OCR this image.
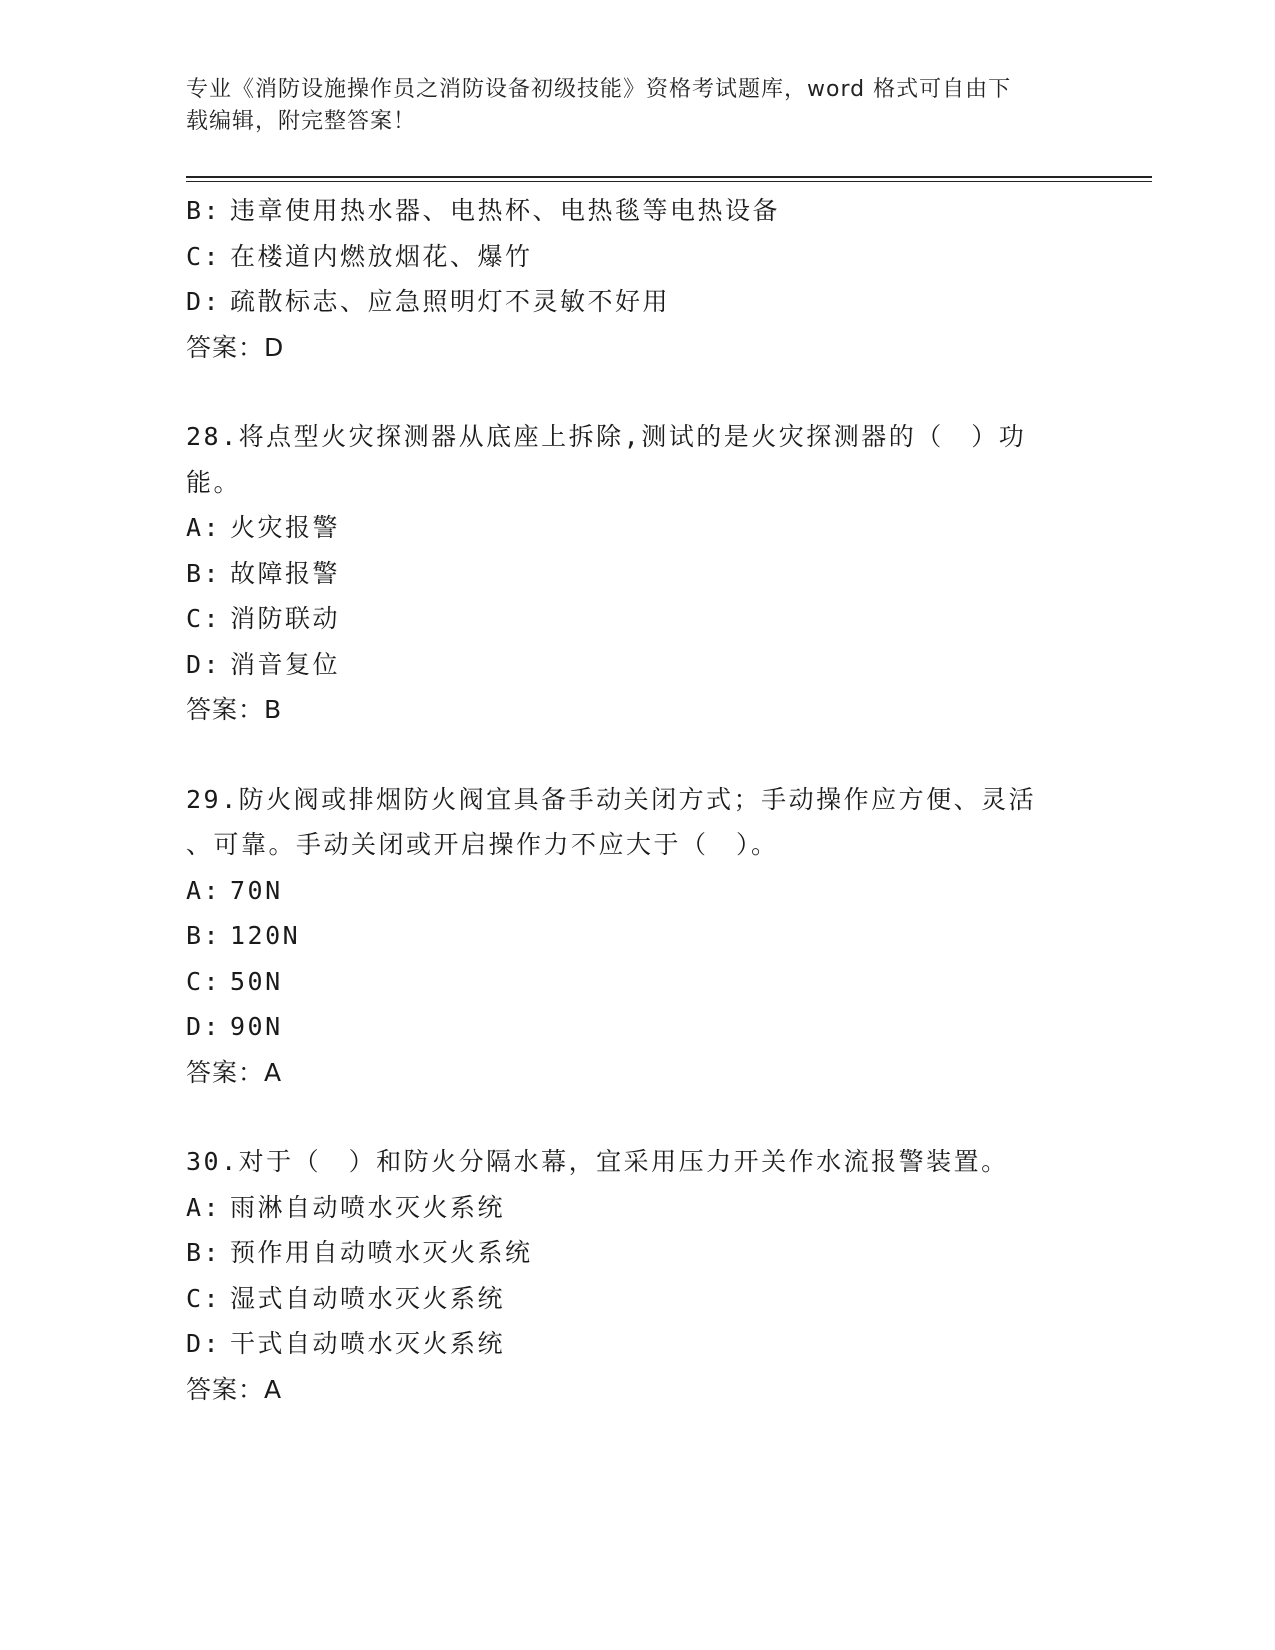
专业《消防设施操作员之消防设备初级技能》资格考试题库，word 格式可自由下
载编辑，附完整答案！
B: 违章使用热水器、电热杯、电热毯等电热设备
C: 在楼道内燃放烟花、爆竹
D: 疏散标志、应急照明灯不灵敏不好用
答案：D
28.将点型火灾探测器从底座上拆除,测试的是火灾探测器的（　）功
能。
A: 火灾报警
B: 故障报警
C: 消防联动
D: 消音复位
答案：B
29.防火阀或排烟防火阀宜具备手动关闭方式；手动操作应方便、灵活
、可靠。手动关闭或开启操作力不应大于（　）。
A: 70N
B: 120N
C: 50N
D: 90N
答案：A
30.对于（　）和防火分隔水幕，宜采用压力开关作水流报警装置。
A: 雨淋自动喷水灭火系统
B: 预作用自动喷水灭火系统
C: 湿式自动喷水灭火系统
D: 干式自动喷水灭火系统
答案：A
